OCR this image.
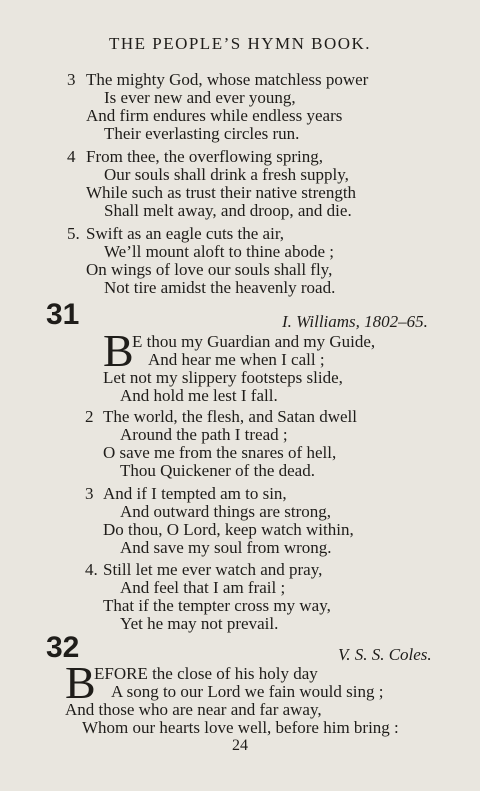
THE PEOPLE’S HYMN BOOK.
3 The mighty God, whose matchless power
Is ever new and ever young,
And firm endures while endless years
Their everlasting circles run.
4 From thee, the overflowing spring,
Our souls shall drink a fresh supply,
While such as trust their native strength
Shall melt away, and droop, and die.
5. Swift as an eagle cuts the air,
We’ll mount aloft to thine abode ;
On wings of love our souls shall fly,
Not tire amidst the heavenly road.
31	I. Williams, 1802–65.
B
E thou my Guardian and my Guide,
And hear me when I call ;
Let not my slippery footsteps slide,
And hold me lest I fall.
2 The world, the flesh, and Satan dwell
Around the path I tread ;
O save me from the snares of hell,
Thou Quickener of the dead.
3 And if I tempted am to sin,
And outward things are strong,
Do thou, O Lord, keep watch within,
And save my soul from wrong.
4. Still let me ever watch and pray,
And feel that I am frail ;
That if the tempter cross my way,
Yet he may not prevail.
32	V. S. S. Coles.
B
EFORE the close of his holy day
A song to our Lord we fain would sing ;
And those who are near and far away,
Whom our hearts love well, before him bring :
24
